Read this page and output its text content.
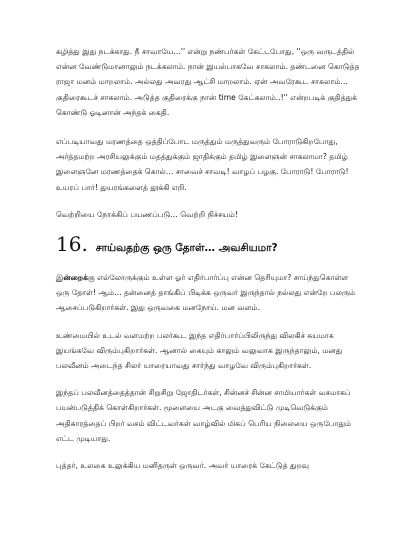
கழித்து இது நடக்காது. நீ சாவாயே…'' என்று நண்பர்கள் கேட்டபோது, ''ஒரு வருடத்தில் என்ன வேண்டுமானாலும் நடக்கலாம். நான் இயல்பாகவே சாகலாம். தண்டனை கொடுத்த ராஜா மனம் மாறலாம். அல்லது அவரது ஆட்சி மாறலாம். ஏன் அவரேகூட சாகலாம்… குதிரைகூடச் சாகலாம். அடுத்த குதிரைக்கு நான் time கேட்கலாம்..!'' என்றபடிக் குதித்துக் கொண்டு ஓடினான் அந்தக் கைதி.

எப்படியாவது மரணத்தை ஒத்திப்போட மருத்தும் மருத்துவரும் போராடுகிறபோது, அர்த்தமற்ற அரசியலுக்கும் மதத்துக்கும் ஜாதிக்கும் தமிழ் இளைஞன் சாகலாமா? தமிழ் இளைஞனே மரணத்தைக் கொல்… சாவைச் சாவடி! வாழப் பழகு. போராடு! போராடு! உயரப் பார்! துயரங்களைத் தூக்கி எறி.

வெற்றியை நோக்கிப் பயணப்படு… வெற்றி நிச்சயம்!

16. சாய்வதற்கு ஒரு தோள்… அவசியமா?

இன்றைக்கு எல்லோருக்கும் உள்ள ஓர் எதிர்பார்ப்பு என்ன தெரியுமா? சாய்ந்துகொள்ள ஒரு தோள்! ஆம்… தன்னைத் தாங்கிப் பிடிக்க ஒருவர் இருந்தால் நல்லது என்றே பலரும் ஆசைப்படுகிறார்கள். இது ஒருவகை மனநோய். மன வளம்.

உண்மையில் உடல் வளமற்ற பலர்கூட இந்த எதிர்பார்ப்பிலிருந்து விலகிச் சுயமாக இயங்கவே விரும்புகிறார்கள். ஆனால் கையும் காலும் வலுவாக இருந்தாலும், மனது பலவீனம் அடைந்த சிலர் யாரையாவது சார்ந்து வாழவே விரும்புகிறார்கள்.

இந்தப் பலவீனத்தைத்தான் சிறுசிறு ஜோதிடர்கள், சின்னச் சின்ன சாமியார்கள் வசமாகப் பயன்படுத்திக் கொள்கிறார்கள். மூளையை அடகு வைத்துவிட்டு முடிவெடுக்கும் அதிகாரத்தைப் பிறர் வசம் விட்டவர்கள் வாழ்வில் மிகப் பெரிய நிலையை ஒருபோதும் எட்ட முடியாது.

புத்தர், உலகை உலுக்கிய மனிதருள் ஒருவர். அவர் யாரைக் கேட்டுத் துறவு
